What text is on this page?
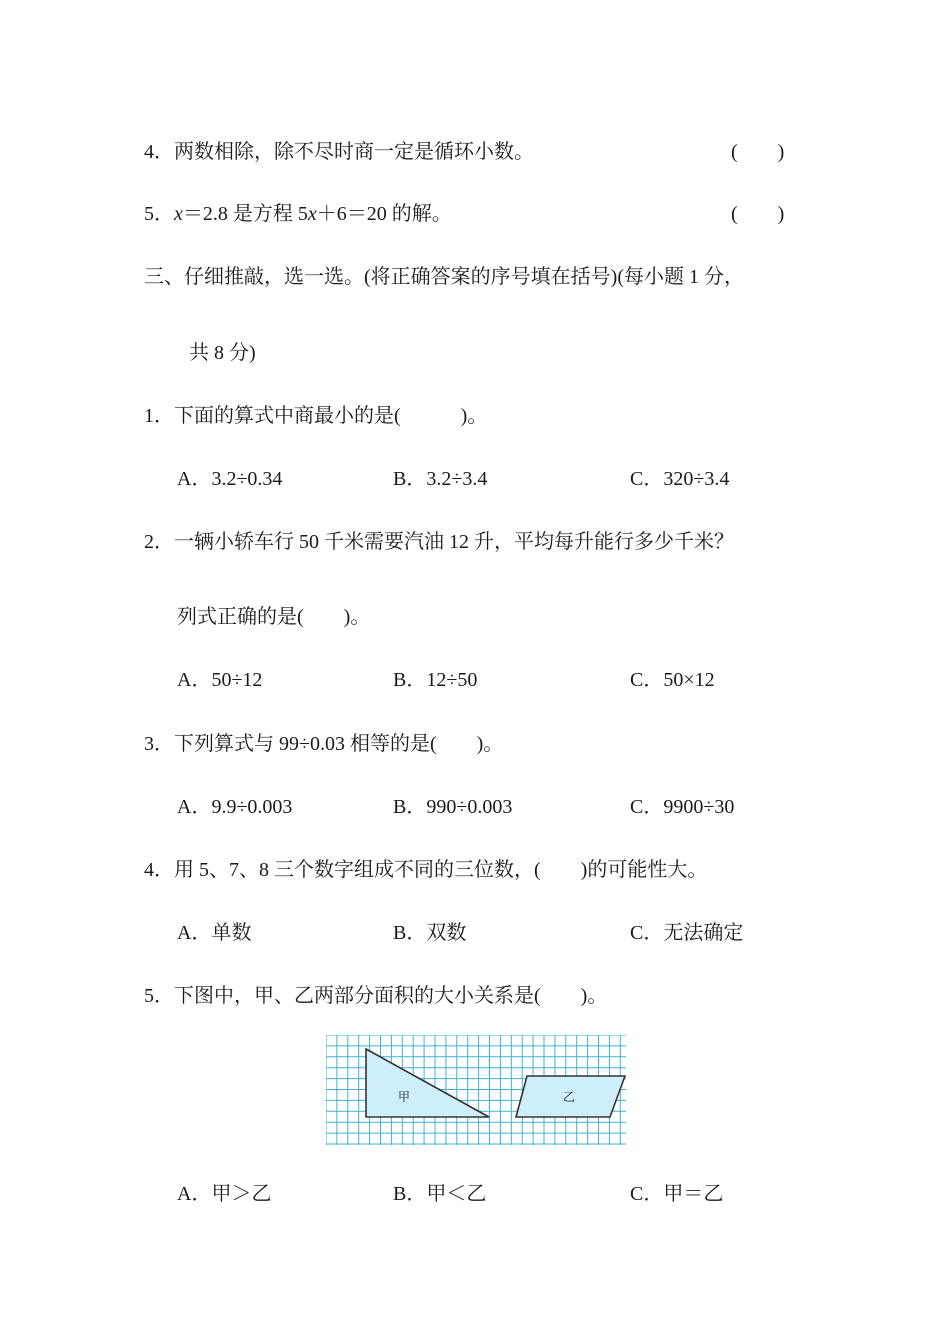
4．两数相除，除不尽时商一定是循环小数。	(　　)
5．x＝2.8 是方程 5x＋6＝20 的解。	(　　)
三、仔细推敲，选一选。(将正确答案的序号填在括号)(每小题 1 分，
共 8 分)
1．下面的算式中商最小的是(　　　)。
A．3.2÷0.34	B．3.2÷3.4	C．320÷3.4
2．一辆小轿车行 50 千米需要汽油 12 升，平均每升能行多少千米？
列式正确的是(　　)。
A．50÷12	B．12÷50	C．50×12
3．下列算式与 99÷0.03 相等的是(　　)。
A．9.9÷0.003	B．990÷0.003	C．9900÷30
4．用 5、7、8 三个数字组成不同的三位数，(　　)的可能性大。
A．单数	B．双数	C．无法确定
5．下图中，甲、乙两部分面积的大小关系是(　　)。
甲	乙
A．甲＞乙	B．甲＜乙	C．甲＝乙
